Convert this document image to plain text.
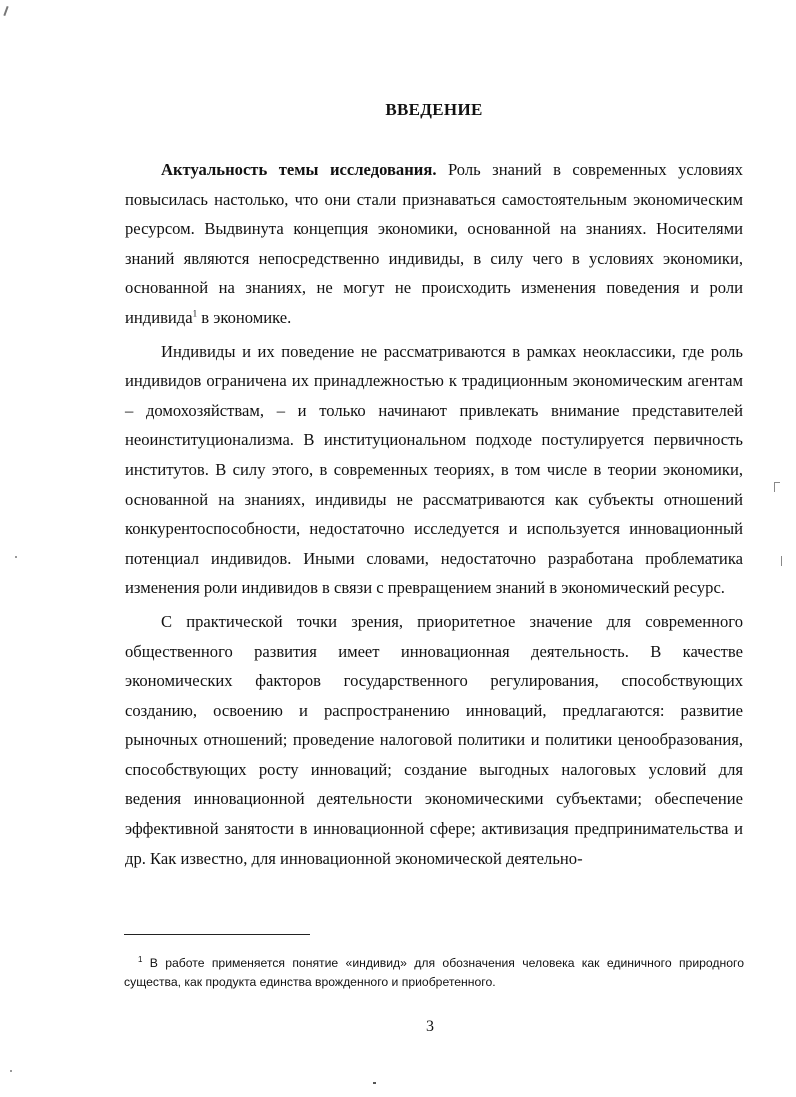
ВВЕДЕНИЕ

Актуальность темы исследования. Роль знаний в современных условиях повысилась настолько, что они стали признаваться самостоятельным экономическим ресурсом. Выдвинута концепция экономики, основанной на знаниях. Носителями знаний являются непосредственно индивиды, в силу чего в условиях экономики, основанной на знаниях, не могут не происходить изменения поведения и роли индивида$^1$ в экономике.

Индивиды и их поведение не рассматриваются в рамках неоклассики, где роль индивидов ограничена их принадлежностью к традиционным экономическим агентам – домохозяйствам, – и только начинают привлекать внимание представителей неоинституционализма. В институциональном подходе постулируется первичность институтов. В силу этого, в современных теориях, в том числе в теории экономики, основанной на знаниях, индивиды не рассматриваются как субъекты отношений конкурентоспособности, недостаточно исследуется и используется инновационный потенциал индивидов. Иными словами, недостаточно разработана проблематика изменения роли индивидов в связи с превращением знаний в экономический ресурс.

С практической точки зрения, приоритетное значение для современного общественного развития имеет инновационная деятельность. В качестве экономических факторов государственного регулирования, способствующих созданию, освоению и распространению инноваций, предлагаются: развитие рыночных отношений; проведение налоговой политики и политики ценообразования, способствующих росту инноваций; создание выгодных налоговых условий для ведения инновационной деятельности экономическими субъектами; обеспечение эффективной занятости в инновационной сфере; активизация предпринимательства и др. Как известно, для инновационной экономической деятельно-

$^1$ В работе применяется понятие «индивид» для обозначения человека как единичного природного существа, как продукта единства врожденного и приобретенного.

3
